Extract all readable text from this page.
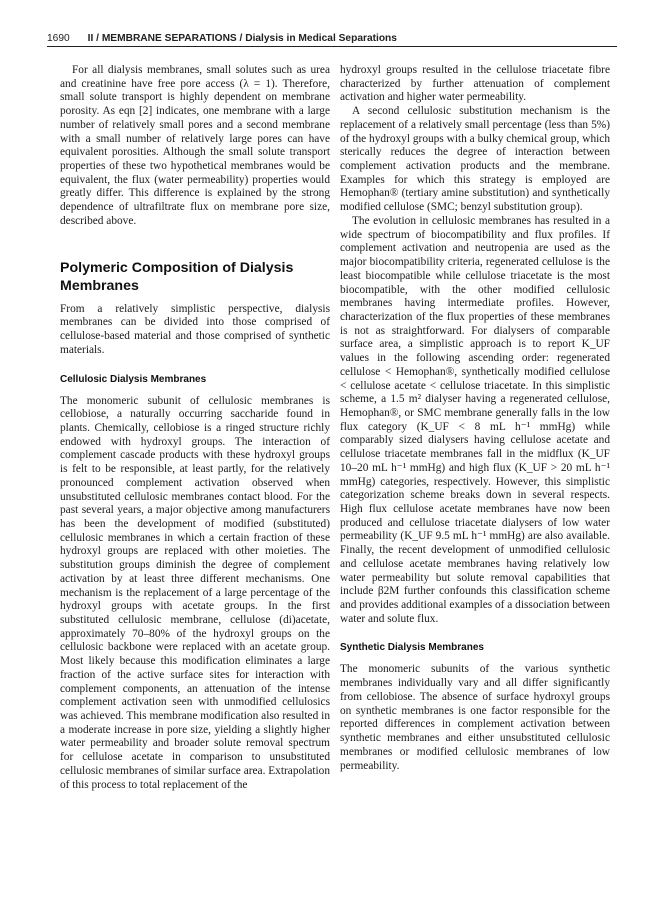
1690 II / MEMBRANE SEPARATIONS / Dialysis in Medical Separations

For all dialysis membranes, small solutes such as urea and creatinine have free pore access (λ = 1). Therefore, small solute transport is highly dependent on membrane porosity. As eqn [2] indicates, one membrane with a large number of relatively small pores and a second membrane with a small number of relatively large pores can have equivalent porosities. Although the small solute transport properties of these two hypothetical membranes would be equivalent, the flux (water permeability) properties would greatly differ. This difference is explained by the strong dependence of ultrafiltrate flux on membrane pore size, described above.

Polymeric Composition of Dialysis Membranes

From a relatively simplistic perspective, dialysis membranes can be divided into those comprised of cellulose-based material and those comprised of synthetic materials.

Cellulosic Dialysis Membranes

The monomeric subunit of cellulosic membranes is cellobiose, a naturally occurring saccharide found in plants. Chemically, cellobiose is a ringed structure richly endowed with hydroxyl groups. The interaction of complement cascade products with these hydroxyl groups is felt to be responsible, at least partly, for the relatively pronounced complement activation observed when unsubstituted cellulosic membranes contact blood. For the past several years, a major objective among manufacturers has been the development of modified (substituted) cellulosic membranes in which a certain fraction of these hydroxyl groups are replaced with other moieties. The substitution groups diminish the degree of complement activation by at least three different mechanisms. One mechanism is the replacement of a large percentage of the hydroxyl groups with acetate groups. In the first substituted cellulosic membrane, cellulose (di)acetate, approximately 70–80% of the hydroxyl groups on the cellulosic backbone were replaced with an acetate group. Most likely because this modification eliminates a large fraction of the active surface sites for interaction with complement components, an attenuation of the intense complement activation seen with unmodified cellulosics was achieved. This membrane modification also resulted in a moderate increase in pore size, yielding a slightly higher water permeability and broader solute removal spectrum for cellulose acetate in comparison to unsubstituted cellulosic membranes of similar surface area. Extrapolation of this process to total replacement of the

hydroxyl groups resulted in the cellulose triacetate fibre characterized by further attenuation of complement activation and higher water permeability.

A second cellulosic substitution mechanism is the replacement of a relatively small percentage (less than 5%) of the hydroxyl groups with a bulky chemical group, which sterically reduces the degree of interaction between complement activation products and the membrane. Examples for which this strategy is employed are Hemophan® (tertiary amine substitution) and synthetically modified cellulose (SMC; benzyl substitution group).

The evolution in cellulosic membranes has resulted in a wide spectrum of biocompatibility and flux profiles. If complement activation and neutropenia are used as the major biocompatibility criteria, regenerated cellulose is the least biocompatible while cellulose triacetate is the most biocompatible, with the other modified cellulosic membranes having intermediate profiles. However, characterization of the flux properties of these membranes is not as straightforward. For dialysers of comparable surface area, a simplistic approach is to report K_UF values in the following ascending order: regenerated cellulose < Hemophan®, synthetically modified cellulose < cellulose acetate < cellulose triacetate. In this simplistic scheme, a 1.5 m² dialyser having a regenerated cellulose, Hemophan®, or SMC membrane generally falls in the low flux category (K_UF < 8 mL h⁻¹ mmHg) while comparably sized dialysers having cellulose acetate and cellulose triacetate membranes fall in the midflux (K_UF 10–20 mL h⁻¹ mmHg) and high flux (K_UF > 20 mL h⁻¹ mmHg) categories, respectively. However, this simplistic categorization scheme breaks down in several respects. High flux cellulose acetate membranes have now been produced and cellulose triacetate dialysers of low water permeability (K_UF 9.5 mL h⁻¹ mmHg) are also available. Finally, the recent development of unmodified cellulosic and cellulose acetate membranes having relatively low water permeability but solute removal capabilities that include β2M further confounds this classification scheme and provides additional examples of a dissociation between water and solute flux.

Synthetic Dialysis Membranes

The monomeric subunits of the various synthetic membranes individually vary and all differ significantly from cellobiose. The absence of surface hydroxyl groups on synthetic membranes is one factor responsible for the reported differences in complement activation between synthetic membranes and either unsubstituted cellulosic membranes or modified cellulosic membranes of low permeability.
